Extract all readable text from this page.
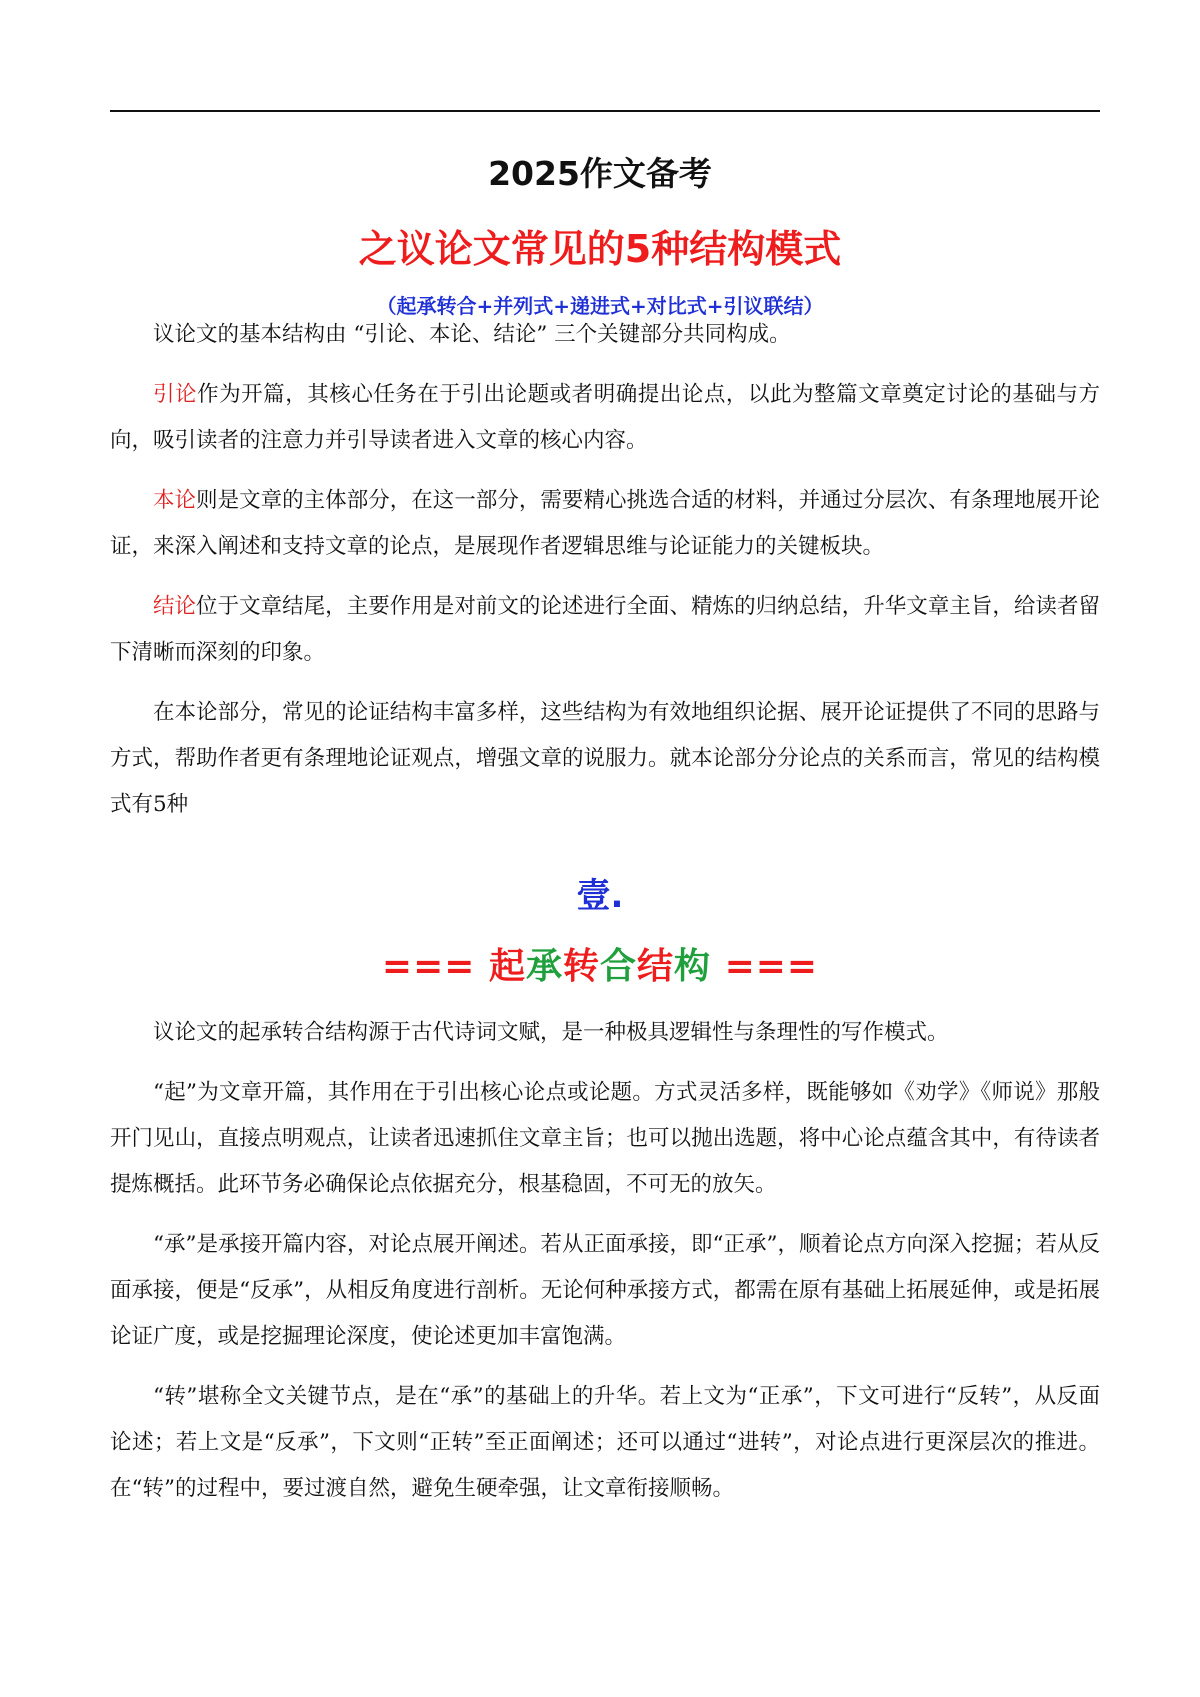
2025作文备考
之议论文常见的5种结构模式
（起承转合+并列式+递进式+对比式+引议联结）

议论文的基本结构由 “引论、本论、结论” 三个关键部分共同构成。

引论作为开篇，其核心任务在于引出论题或者明确提出论点，以此为整篇文章奠定讨论的基础与方向，吸引读者的注意力并引导读者进入文章的核心内容。

本论则是文章的主体部分，在这一部分，需要精心挑选合适的材料，并通过分层次、有条理地展开论证，来深入阐述和支持文章的论点，是展现作者逻辑思维与论证能力的关键板块。

结论位于文章结尾，主要作用是对前文的论述进行全面、精炼的归纳总结，升华文章主旨，给读者留下清晰而深刻的印象。

在本论部分，常见的论证结构丰富多样，这些结构为有效地组织论据、展开论证提供了不同的思路与方式，帮助作者更有条理地论证观点，增强文章的说服力。就本论部分分论点的关系而言，常见的结构模式有5种

壹.
=== 起承转合结构 ===

议论文的起承转合结构源于古代诗词文赋，是一种极具逻辑性与条理性的写作模式。

“起”为文章开篇，其作用在于引出核心论点或论题。方式灵活多样，既能够如《劝学》《师说》那般开门见山，直接点明观点，让读者迅速抓住文章主旨；也可以抛出选题，将中心论点蕴含其中，有待读者提炼概括。此环节务必确保论点依据充分，根基稳固，不可无的放矢。

“承”是承接开篇内容，对论点展开阐述。若从正面承接，即“正承”，顺着论点方向深入挖掘；若从反面承接，便是“反承”，从相反角度进行剖析。无论何种承接方式，都需在原有基础上拓展延伸，或是拓展论证广度，或是挖掘理论深度，使论述更加丰富饱满。

“转”堪称全文关键节点，是在“承”的基础上的升华。若上文为“正承”，下文可进行“反转”，从反面论述；若上文是“反承”，下文则“正转”至正面阐述；还可以通过“进转”，对论点进行更深层次的推进。在“转”的过程中，要过渡自然，避免生硬牵强，让文章衔接顺畅。
